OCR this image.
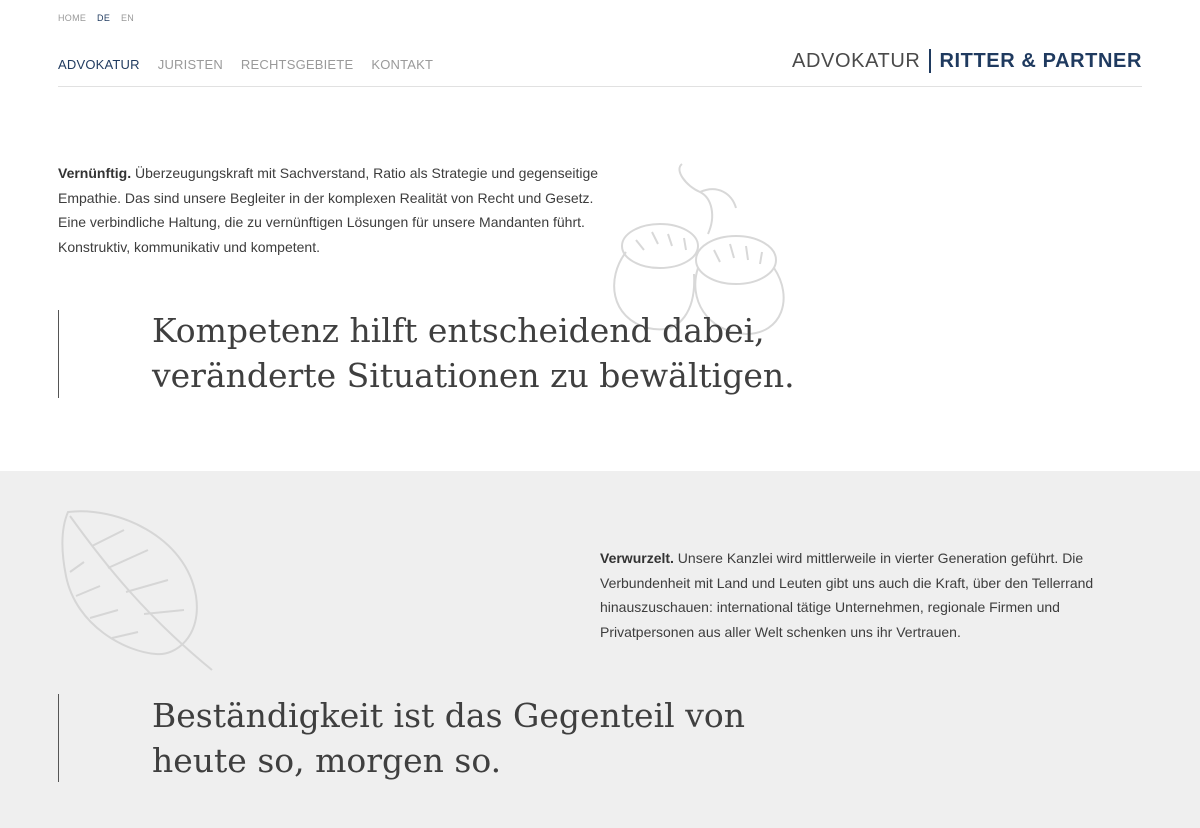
HOME DE EN
ADVOKATUR JURISTEN RECHTSGEBIETE KONTAKT	ADVOKATUR RITTER & PARTNER
Vernünftig. Überzeugungskraft mit Sachverstand, Ratio als Strategie und gegenseitige Empathie. Das sind unsere Begleiter in der komplexen Realität von Recht und Gesetz. Eine verbindliche Haltung, die zu vernünftigen Lösungen für unsere Mandanten führt. Konstruktiv, kommunikativ und kompetent.
Kompetenz hilft entscheidend dabei,
veränderte Situationen zu bewältigen.
Verwurzelt. Unsere Kanzlei wird mittlerweile in vierter Generation geführt. Die Verbundenheit mit Land und Leuten gibt uns auch die Kraft, über den Tellerrand hinauszuschauen: international tätige Unternehmen, regionale Firmen und Privatpersonen aus aller Welt schenken uns ihr Vertrauen.
Beständigkeit ist das Gegenteil von
heute so, morgen so.
